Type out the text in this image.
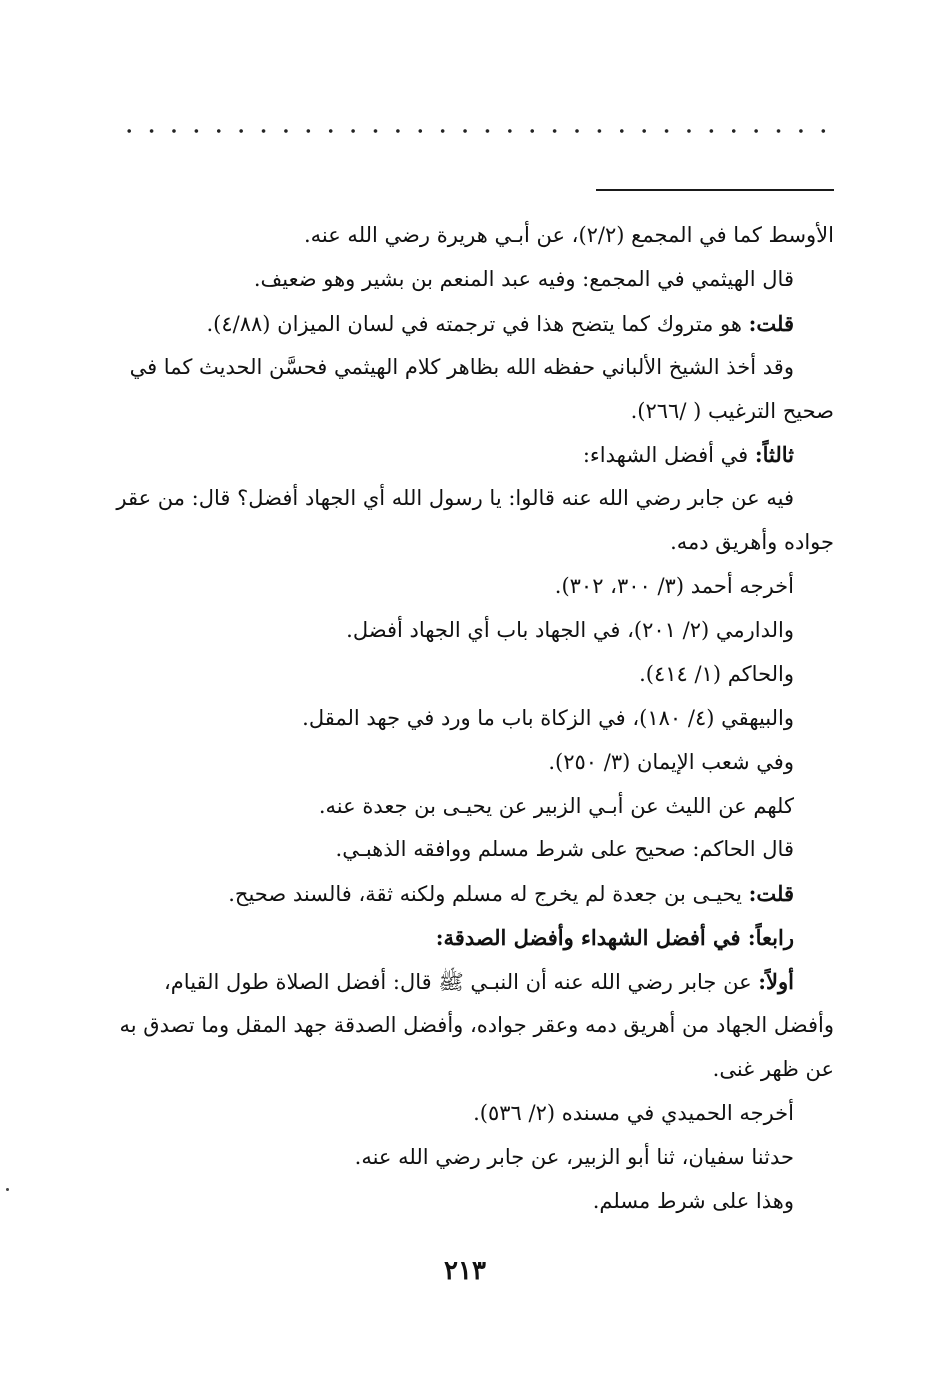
الأوسط كما في المجمع (٢/٢)، عن أبـي هريرة رضي الله عنه.
قال الهيثمي في المجمع: وفيه عبد المنعم بن بشير وهو ضعيف.
قلت: هو متروك كما يتضح هذا في ترجمته في لسان الميزان (٤/٨٨).
وقد أخذ الشيخ الألباني حفظه الله بظاهر كلام الهيثمي فحسَّن الحديث كما في
صحيح الترغيب ( /٢٦٦).
ثالثاً: في أفضل الشهداء:
فيه عن جابر رضي الله عنه قالوا: يا رسول الله أي الجهاد أفضل؟ قال: من عقر
جواده وأهريق دمه.
أخرجه أحمد (٣/ ٣٠٠، ٣٠٢).
والدارمي (٢/ ٢٠١)، في الجهاد باب أي الجهاد أفضل.
والحاكم (١/ ٤١٤).
والبيهقي (٤/ ١٨٠)، في الزكاة باب ما ورد في جهد المقل.
وفي شعب الإيمان (٣/ ٢٥٠).
كلهم عن الليث عن أبـي الزبير عن يحيـى بن جعدة عنه.
قال الحاكم: صحيح على شرط مسلم ووافقه الذهبـي.
قلت: يحيـى بن جعدة لم يخرج له مسلم ولكنه ثقة، فالسند صحيح.
رابعاً: في أفضل الشهداء وأفضل الصدقة:
أولاً: عن جابر رضي الله عنه أن النبـي ﷺ قال: أفضل الصلاة طول القيام،
وأفضل الجهاد من أهريق دمه وعقر جواده، وأفضل الصدقة جهد المقل وما تصدق به
عن ظهر غنى.
أخرجه الحميدي في مسنده (٢/ ٥٣٦).
حدثنا سفيان، ثنا أبو الزبير، عن جابر رضي الله عنه.
وهذا على شرط مسلم.
٢١٣
